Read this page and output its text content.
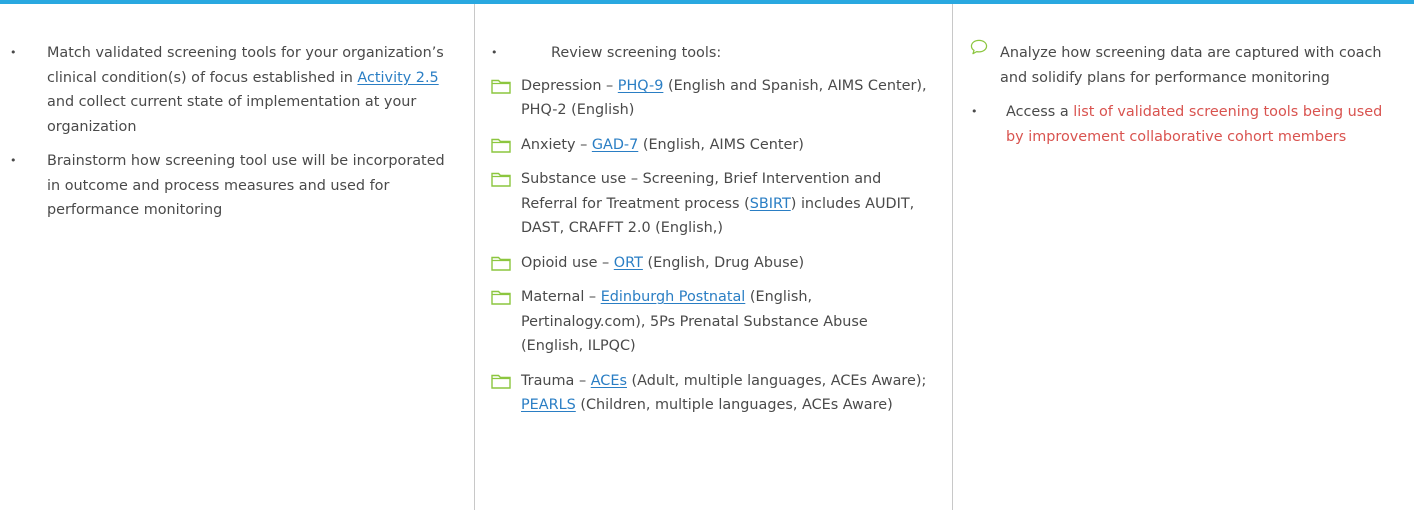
• Match validated screening tools for your organization’s clinical condition(s) of focus established in Activity 2.5 and collect current state of implementation at your organization
• Brainstorm how screening tool use will be incorporated in outcome and process measures and used for performance monitoring
•	Review screening tools:
Depression – PHQ-9 (English and Spanish, AIMS Center), PHQ-2 (English)
Anxiety – GAD-7 (English, AIMS Center)
Substance use – Screening, Brief Intervention and Referral for Treatment process (SBIRT) includes AUDIT, DAST, CRAFFT 2.0 (English,)
Opioid use – ORT (English, Drug Abuse)
Maternal – Edinburgh Postnatal (English, Pertinalogy.com), 5Ps Prenatal Substance Abuse (English, ILPQC)
Trauma – ACEs (Adult, multiple languages, ACEs Aware); PEARLS (Children, multiple languages, ACEs Aware)
Analyze how screening data are captured with coach and solidify plans for performance monitoring
• Access a list of validated screening tools being used by improvement collaborative cohort members
